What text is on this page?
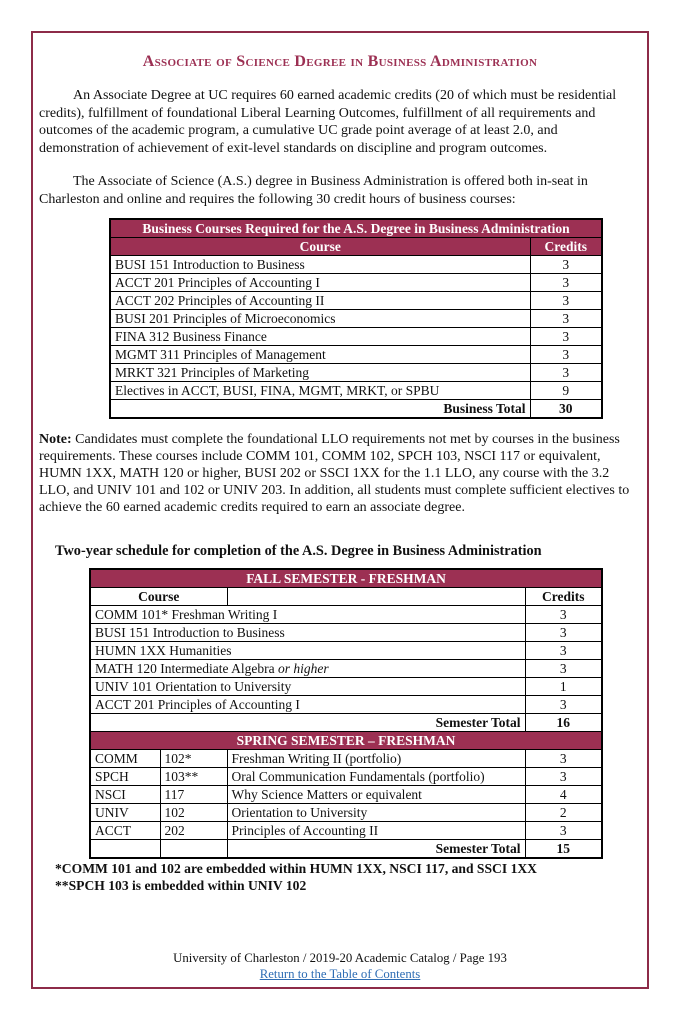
Associate of Science Degree in Business Administration

An Associate Degree at UC requires 60 earned academic credits (20 of which must be residential credits), fulfillment of foundational Liberal Learning Outcomes, fulfillment of all requirements and outcomes of the academic program, a cumulative UC grade point average of at least 2.0, and demonstration of achievement of exit-level standards on discipline and program outcomes.

The Associate of Science (A.S.) degree in Business Administration is offered both in-seat in Charleston and online and requires the following 30 credit hours of business courses:

Business Courses Required for the A.S. Degree in Business Administration	
Course	Credits
BUSI 151 Introduction to Business	3
ACCT 201 Principles of Accounting I	3
ACCT 202 Principles of Accounting II	3
BUSI 201 Principles of Microeconomics	3
FINA 312 Business Finance	3
MGMT 311 Principles of Management	3
MRKT 321 Principles of Marketing	3
Electives in ACCT, BUSI, FINA, MGMT, MRKT, or SPBU	9
Business Total	30

Note: Candidates must complete the foundational LLO requirements not met by courses in the business requirements. These courses include COMM 101, COMM 102, SPCH 103, NSCI 117 or equivalent, HUMN 1XX, MATH 120 or higher, BUSI 202 or SSCI 1XX for the 1.1 LLO, any course with the 3.2 LLO, and UNIV 101 and 102 or UNIV 203. In addition, all students must complete sufficient electives to achieve the 60 earned academic credits required to earn an associate degree.

Two-year schedule for completion of the A.S. Degree in Business Administration
FALL SEMESTER - FRESHMAN			
Course			Credits
COMM 101* Freshman Writing I			3
BUSI 151 Introduction to Business			3
HUMN 1XX Humanities			3
MATH 120 Intermediate Algebra or higher			3
UNIV 101 Orientation to University			1
ACCT 201 Principles of Accounting I			3
Semester Total			16
SPRING SEMESTER – FRESHMAN			
COMM	102*	Freshman Writing II (portfolio)	3
SPCH	103**	Oral Communication Fundamentals (portfolio)	3
NSCI	117	Why Science Matters or equivalent	4
UNIV	102	Orientation to University	2
ACCT	202	Principles of Accounting II	3
		Semester Total	15
*COMM 101 and 102 are embedded within HUMN 1XX, NSCI 117, and SSCI 1XX
**SPCH 103 is embedded within UNIV 102
University of Charleston / 2019-20 Academic Catalog / Page 193
Return to the Table of Contents
